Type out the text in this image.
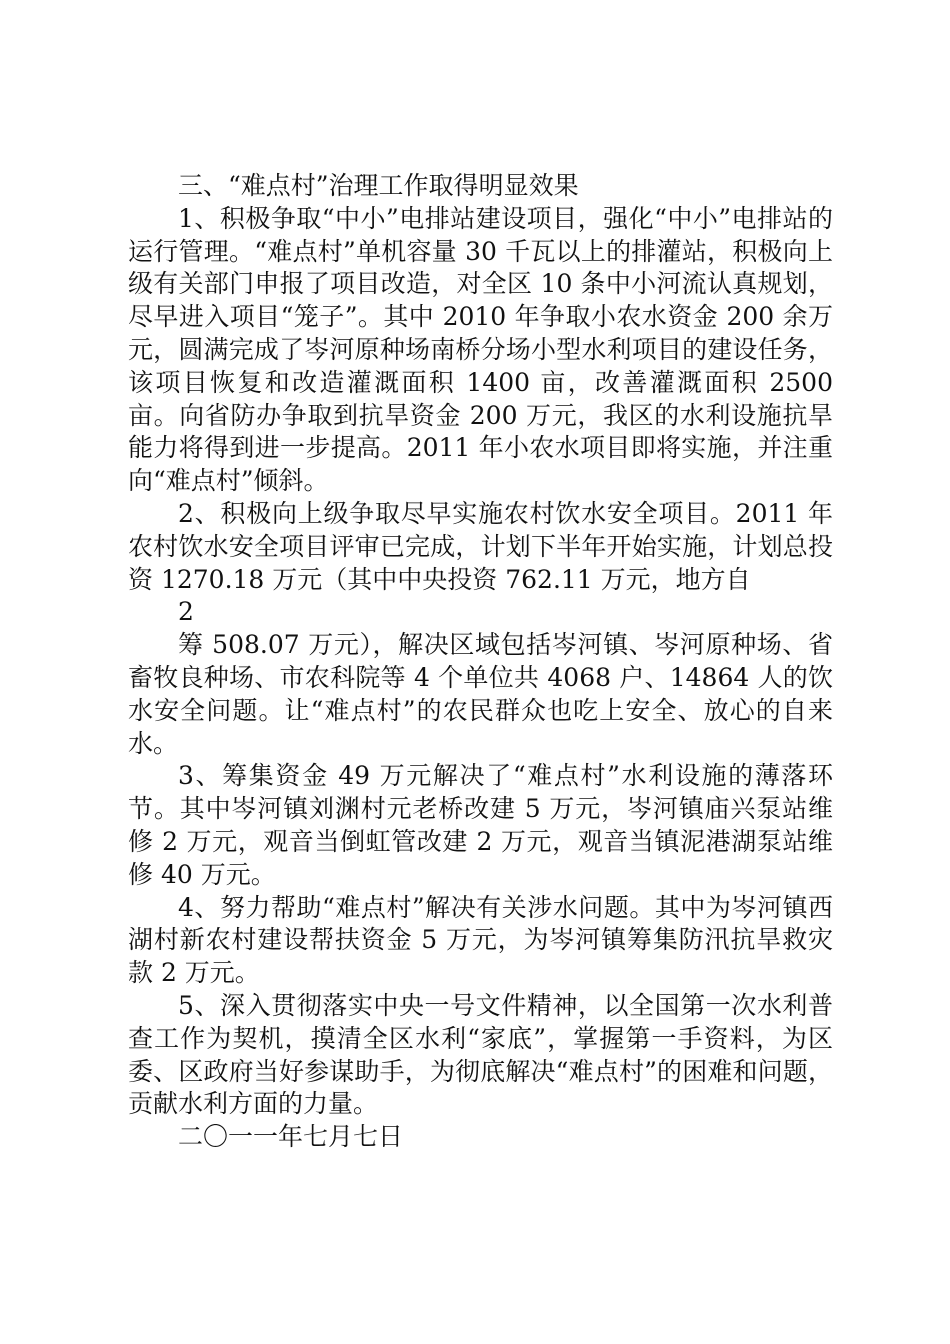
三、“难点村”治理工作取得明显效果

1、积极争取“中小”电排站建设项目，强化“中小”电排站的运行管理。“难点村”单机容量 30 千瓦以上的排灌站，积极向上级有关部门申报了项目改造，对全区 10 条中小河流认真规划，尽早进入项目“笼子”。其中 2010 年争取小农水资金 200 余万元，圆满完成了岑河原种场南桥分场小型水利项目的建设任务，该项目恢复和改造灌溉面积 1400 亩，改善灌溉面积 2500 亩。向省防办争取到抗旱资金 200 万元，我区的水利设施抗旱能力将得到进一步提高。2011 年小农水项目即将实施，并注重向“难点村”倾斜。

2、积极向上级争取尽早实施农村饮水安全项目。2011 年农村饮水安全项目评审已完成，计划下半年开始实施，计划总投资 1270.18 万元（其中中央投资 762.11 万元，地方自

2

筹 508.07 万元），解决区域包括岑河镇、岑河原种场、省畜牧良种场、市农科院等 4 个单位共 4068 户、14864 人的饮水安全问题。让“难点村”的农民群众也吃上安全、放心的自来水。

3、筹集资金 49 万元解决了“难点村”水利设施的薄落环节。其中岑河镇刘渊村元老桥改建 5 万元，岑河镇庙兴泵站维修 2 万元，观音当倒虹管改建 2 万元，观音当镇泥港湖泵站维修 40 万元。

4、努力帮助“难点村”解决有关涉水问题。其中为岑河镇西湖村新农村建设帮扶资金 5 万元，为岑河镇筹集防汛抗旱救灾款 2 万元。

5、深入贯彻落实中央一号文件精神，以全国第一次水利普查工作为契机，摸清全区水利“家底”，掌握第一手资料，为区委、区政府当好参谋助手，为彻底解决“难点村”的困难和问题，贡献水利方面的力量。

二〇一一年七月七日
